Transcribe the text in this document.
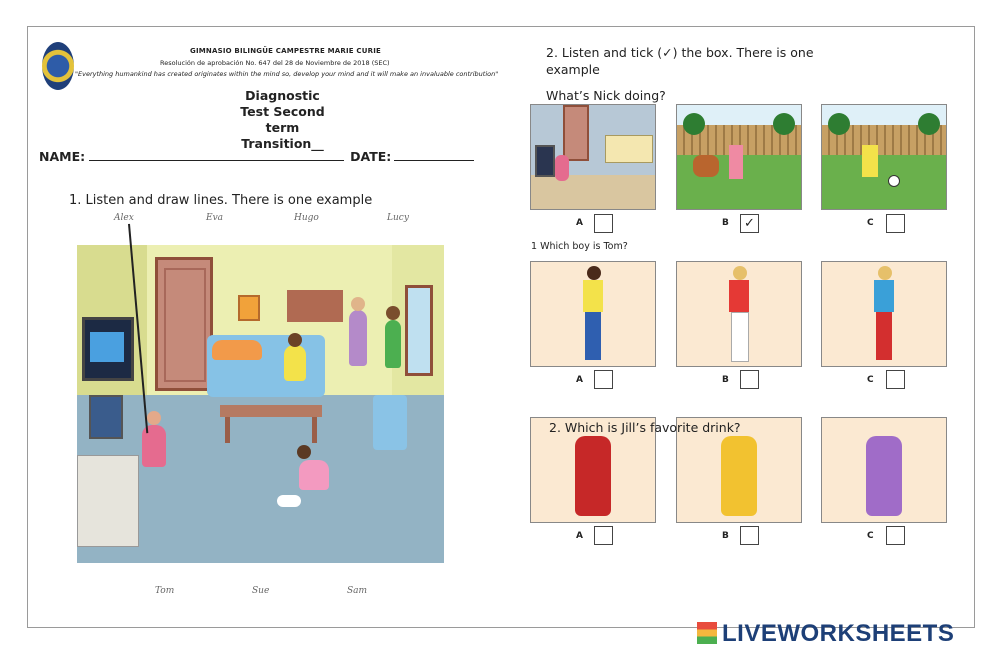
GIMNASIO BILINGÜE CAMPESTRE MARIE CURIE
Resolución de aprobación No. 647 del 28 de Noviembre de 2018 (SEC)
"Everything humankind has created originates within the mind so, develop your mind and it will make an invaluable contribution"
Diagnostic
Test Second
term
Transition__
NAME:	DATE:
1. Listen and draw lines. There is one example
Alex	Eva	Hugo	Lucy
Tom	Sue	Sam
2. Listen and tick (✓) the box. There is one example
What’s Nick doing?
A	B	✓	C
1 Which boy is Tom?
A	B	C
2. Which is Jill’s favorite drink?
A	B	C
LIVEWORKSHEETS
